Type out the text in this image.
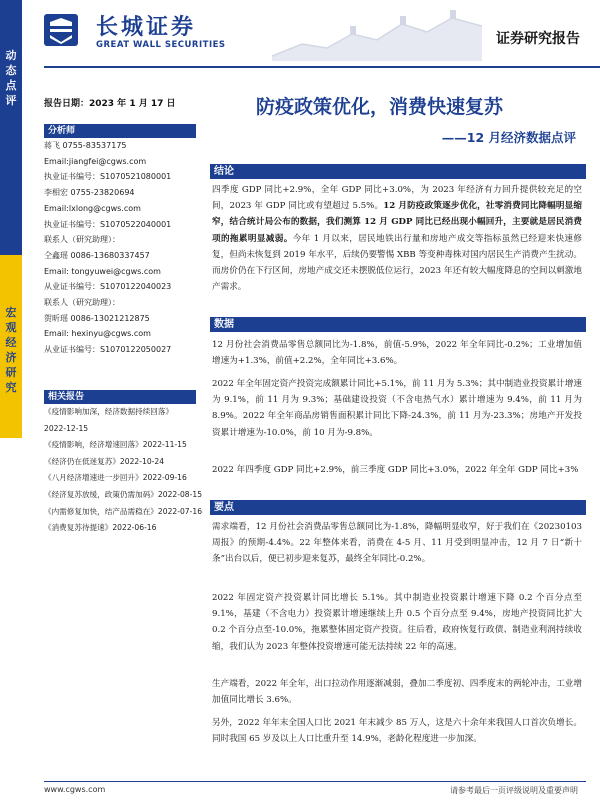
动
态
点
评
宏
观
经
济
研
究
长城证券
GREAT WALL SECURITIES	证券研究报告
报告日期：2023 年 1 月 17 日
分析师
蒋飞 0755-83537175
Email:jiangfei@cgws.com
执业证书编号：S1070521080001
李相宏 0755-23820694
Email:lxlong@cgws.com
执业证书编号：S1070522040001
联系人（研究助理）：
仝鑫瑶 0086-13680337457
Email: tongyuwei@cgws.com
从业证书编号：S1070122040023
联系人（研究助理）：
贺昕瑶 0086-13021212875
Email: hexinyu@cgws.com
从业证书编号：S1070122050027
相关报告
《疫情影响加深，经济数据持续回落》
2022-12-15
《疫情影响，经济增速回落》2022-11-15
《经济仍在低迷复苏》2022-10-24
《八月经济增速进一步回升》2022-09-16
《经济复苏放缓，政策仍需加码》2022-08-15
《内需修复加快，结产品需稳在》2022-07-16
《消费复苏待提速》2022-06-16
防疫政策优化，消费快速复苏
——12 月经济数据点评
结论
四季度 GDP 同比+2.9%，全年 GDP 同比+3.0%，为 2023 年经济有力回升提供较充足的空间，2023 年 GDP 同比或有望超过 5.5%。12 月防疫政策逐步优化，社零消费同比降幅明显缩窄，结合统计局公布的数据，我们测算 12 月 GDP 同比已经出现小幅回升，主要就是居民消费项的拖累明显减弱。今年 1 月以来，居民地铁出行量和房地产成交等指标虽然已经迎来快速修复，但尚未恢复到 2019 年水平，后续仍要警惕 XBB 等变种毒株对国内居民生产消费产生扰动。而房价仍在下行区间，房地产成交还未摆脱低位运行，2023 年还有较大幅度降息的空间以刺激地产需求。
数据
12 月份社会消费品零售总额同比为-1.8%，前值-5.9%，2022 年全年同比-0.2%；工业增加值增速为+1.3%，前值+2.2%，全年同比+3.6%。
2022 年全年固定资产投资完成额累计同比+5.1%，前 11 月为 5.3%；其中制造业投资累计增速为 9.1%，前 11 月为 9.3%；基础建设投资（不含电热气水）累计增速为 9.4%，前 11 月为 8.9%。2022 年全年商品房销售面积累计同比下降-24.3%，前 11 月为-23.3%；房地产开发投资累计增速为-10.0%，前 10 月为-9.8%。
2022 年四季度 GDP 同比+2.9%，前三季度 GDP 同比+3.0%，2022 年全年 GDP 同比+3%
要点
需求端看，12 月份社会消费品零售总额同比为-1.8%，降幅明显收窄，好于我们在《20230103 周报》的预期-4.4%。22 年整体来看，消费在 4-5 月、11 月受到明显冲击，12 月 7 日“新十条”出台以后，便已初步迎来复苏，最终全年同比-0.2%。
2022 年固定资产投资累计同比增长 5.1%。其中制造业投资累计增速下降 0.2 个百分点至 9.1%，基建（不含电力）投资累计增速继续上升 0.5 个百分点至 9.4%，房地产投资同比扩大 0.2 个百分点至-10.0%，拖累整体固定资产投资。往后看，政府恢复行政债、制造业利润持续收缩，我们认为 2023 年整体投资增速可能无法持续 22 年的高速。
生产端看，2022 年全年，出口拉动作用逐渐减弱，叠加二季度初、四季度末的两轮冲击，工业增加值同比增长 3.6%。
另外，2022 年年末全国人口比 2021 年末减少 85 万人，这是六十余年来我国人口首次负增长。同时我国 65 岁及以上人口比重升至 14.9%，老龄化程度进一步加深。
www.cgws.com	请参考最后一页评级说明及重要声明
